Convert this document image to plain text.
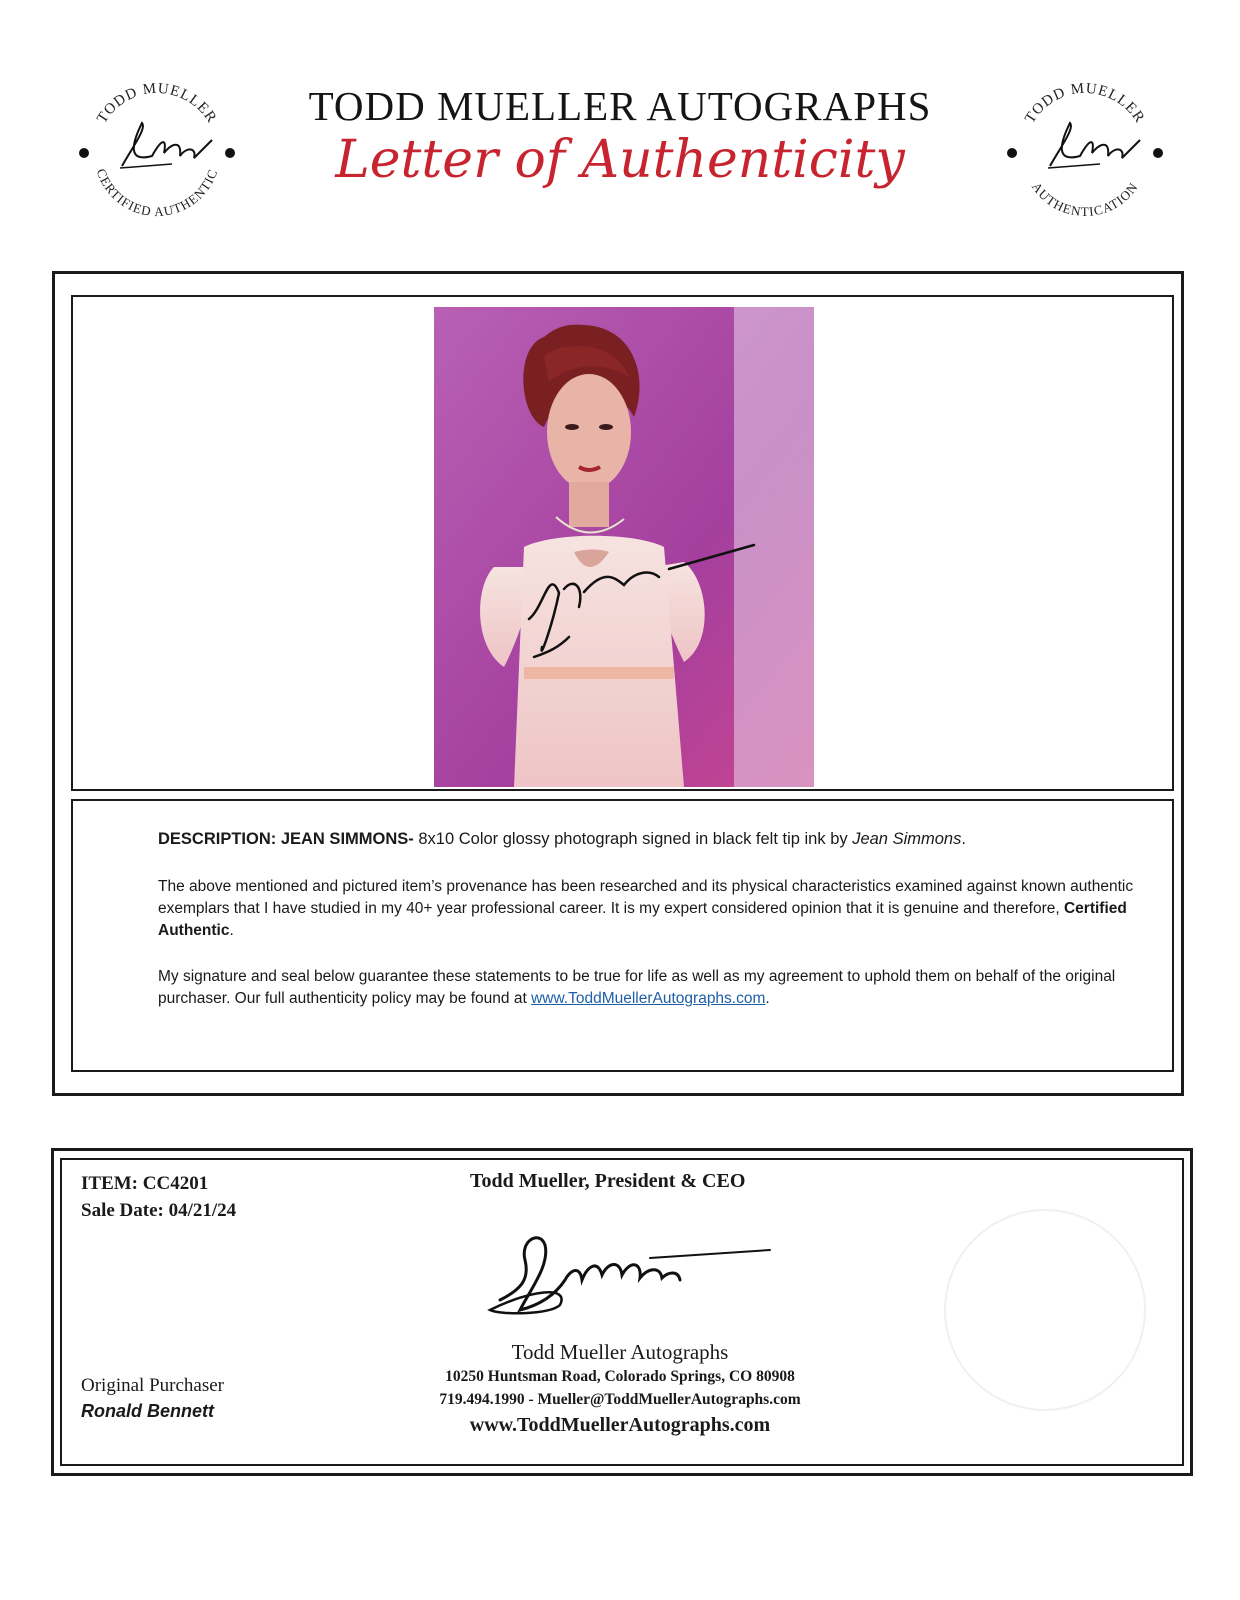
TODD MUELLER
CERTIFIED AUTHENTIC
TODD MUELLER
AUTHENTICATION
TODD MUELLER AUTOGRAPHS
Letter of Authenticity
DESCRIPTION: JEAN SIMMONS- 8x10 Color glossy photograph signed in black felt tip ink by Jean Simmons.
The above mentioned and pictured item’s provenance has been researched and its physical characteristics examined against known authentic exemplars that I have studied in my 40+ year professional career. It is my expert considered opinion that it is genuine and therefore, Certified Authentic.
My signature and seal below guarantee these statements to be true for life as well as my agreement to uphold them on behalf of the original purchaser. Our full authenticity policy may be found at www.ToddMuellerAutographs.com.
ITEM: CC4201
Sale Date: 04/21/24
Todd Mueller, President & CEO
Todd Mueller Autographs
10250 Huntsman Road, Colorado Springs, CO 80908
719.494.1990 - Mueller@ToddMuellerAutographs.com
www.ToddMuellerAutographs.com
Original Purchaser
Ronald Bennett
